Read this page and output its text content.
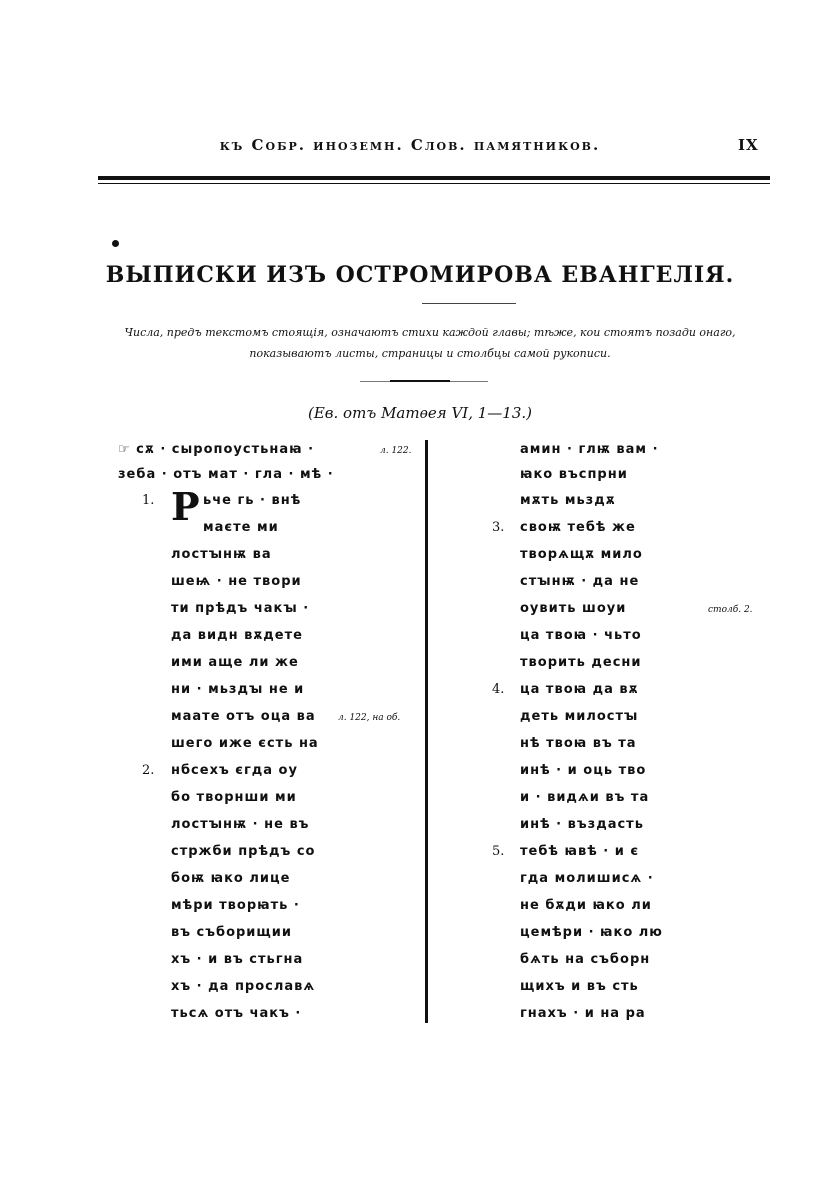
къ Собр. иноземн. Слов. памятников.	IX
ВЫПИСКИ ИЗЪ ОСТРОМИРОВА ЕВАНГЕЛІЯ.
Числа, предъ текстомъ стоящія, означаютъ стихи каждой главы; тѣже, кои стоятъ позади онаго,
показываютъ листы, страницы и столбцы самой рукописи.
(Ев. отъ Матѳея VI, 1—13.)
☞ сѫ · сыропоустьнаꙗ ·
зеба · отъ мат · гла · мѣ ·
л. 122.
1. Р ьче гь · внѣ
маєте ми
лостꙑнѭ ва
шеѩ · не твори
ти прѣдъ чакꙑ ·
да видн вѫдете
ими аще ли же
ни · мьздꙑ не и
маате отъ оца ва л. 122, на об.
шего иже єсть на
2. нбсехъ єгда оу
бо творнши ми
лостꙑнѭ · не въ
стржби прѣдъ со
боѭ ꙗко лице
мѣри творꙗть ·
въ съборищии
хъ · и въ стьгна
хъ · да прославѧ
тьсѧ отъ чакъ ·
амин · глѭ вам ·
ꙗко въспрни
мѫть мьздѫ
3. своѭ тебѣ же
творѧщѫ мило
стꙑнѭ · да не
оувить шоуи	столб. 2.
ца твоꙗ · чьто
творить десни
4. ца твоꙗ да вѫ
деть милостꙑ
нѣ твоꙗ въ та
инѣ · и оць тво
и · видѧи въ та
инѣ · въздасть
5. тебѣ ꙗвѣ · и є
гда молишисѧ ·
не бѫди ꙗко ли
цемѣри · ꙗко лю
бѧть на съборн
щихъ и въ сть
гнахъ · и на ра
